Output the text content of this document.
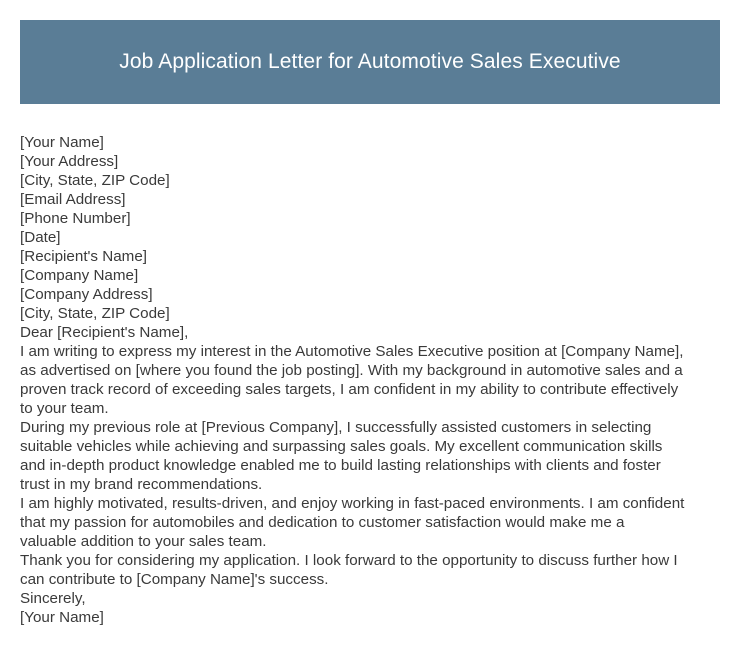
Job Application Letter for Automotive Sales Executive
[Your Name]
[Your Address]
[City, State, ZIP Code]
[Email Address]
[Phone Number]
[Date]
[Recipient's Name]
[Company Name]
[Company Address]
[City, State, ZIP Code]
Dear [Recipient's Name],
I am writing to express my interest in the Automotive Sales Executive position at [Company Name],
as advertised on [where you found the job posting]. With my background in automotive sales and a
proven track record of exceeding sales targets, I am confident in my ability to contribute effectively
to your team.
During my previous role at [Previous Company], I successfully assisted customers in selecting
suitable vehicles while achieving and surpassing sales goals. My excellent communication skills
and in-depth product knowledge enabled me to build lasting relationships with clients and foster
trust in my brand recommendations.
I am highly motivated, results-driven, and enjoy working in fast-paced environments. I am confident
that my passion for automobiles and dedication to customer satisfaction would make me a
valuable addition to your sales team.
Thank you for considering my application. I look forward to the opportunity to discuss further how I
can contribute to [Company Name]'s success.
Sincerely,
[Your Name]
